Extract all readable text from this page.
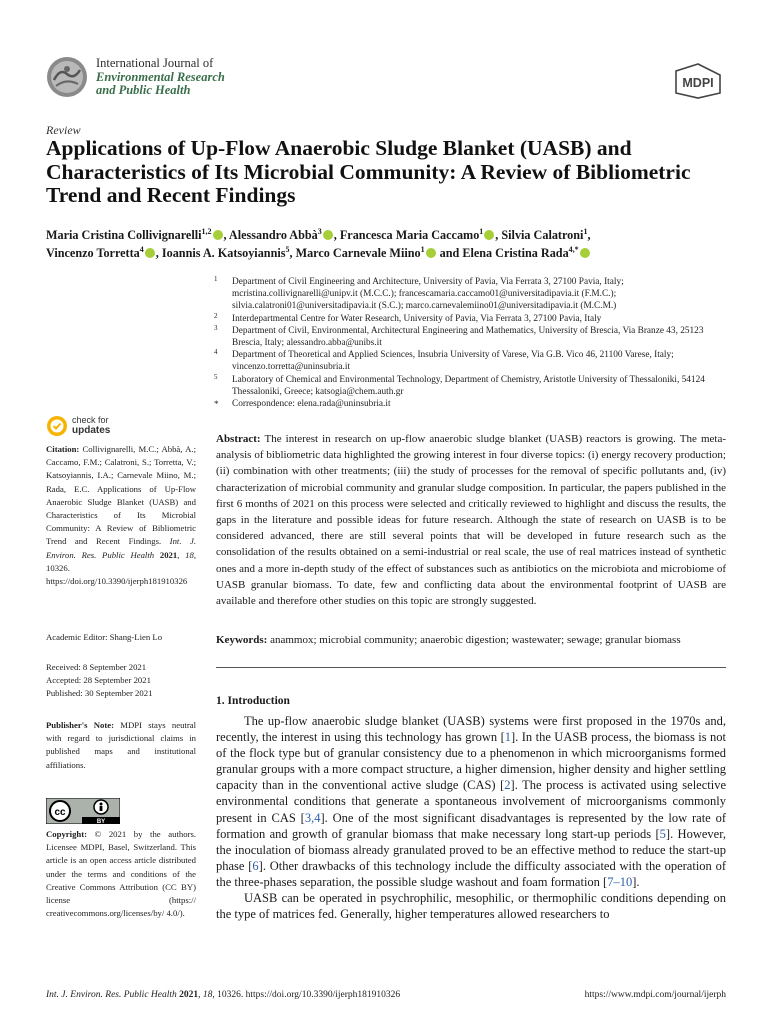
International Journal of
Environmental Research
and Public Health	MDPI
Review
Applications of Up-Flow Anaerobic Sludge Blanket (UASB) and Characteristics of Its Microbial Community: A Review of Bibliometric Trend and Recent Findings
Maria Cristina Collivignarelli$^{1,2}$ , Alessandro Abbà$^3$ , Francesca Maria Caccamo$^1$ , Silvia Calatroni$^1$,
Vincenzo Torretta$^4$ , Ioannis A. Katsoyiannis$^5$, Marco Carnevale Miino$^1$ and Elena Cristina Rada$^{4,*}$
1 Department of Civil Engineering and Architecture, University of Pavia, Via Ferrata 3, 27100 Pavia, Italy; mcristina.collivignarelli@unipv.it (M.C.C.); francescamaria.caccamo01@universitadipavia.it (F.M.C.); silvia.calatroni01@universitadipavia.it (S.C.); marco.carnevalemiino01@universitadipavia.it (M.C.M.)
2 Interdepartmental Centre for Water Research, University of Pavia, Via Ferrata 3, 27100 Pavia, Italy
3 Department of Civil, Environmental, Architectural Engineering and Mathematics, University of Brescia, Via Branze 43, 25123 Brescia, Italy; alessandro.abba@unibs.it
4 Department of Theoretical and Applied Sciences, Insubria University of Varese, Via G.B. Vico 46, 21100 Varese, Italy; vincenzo.torretta@uninsubria.it
5 Laboratory of Chemical and Environmental Technology, Department of Chemistry, Aristotle University of Thessaloniki, 54124 Thessaloniki, Greece; katsogia@chem.auth.gr
* Correspondence: elena.rada@uninsubria.it
check for
updates
Citation: Collivignarelli, M.C.; Abbà, A.; Caccamo, F.M.; Calatroni, S.; Torretta, V.; Katsoyiannis, I.A.; Carnevale Miino, M.; Rada, E.C. Applications of Up-Flow Anaerobic Sludge Blanket (UASB) and Characteristics of Its Microbial Community: A Review of Bibliometric Trend and Recent Findings. Int. J. Environ. Res. Public Health 2021, 18, 10326. https://doi.org/10.3390/ijerph181910326
Academic Editor: Shang-Lien Lo
Received: 8 September 2021
Accepted: 28 September 2021
Published: 30 September 2021
Publisher's Note: MDPI stays neutral with regard to jurisdictional claims in published maps and institutional affiliations.
cc
BY
Copyright: © 2021 by the authors. Licensee MDPI, Basel, Switzerland. This article is an open access article distributed under the terms and conditions of the Creative Commons Attribution (CC BY) license (https:// creativecommons.org/licenses/by/ 4.0/).
Abstract: The interest in research on up-flow anaerobic sludge blanket (UASB) reactors is growing. The meta-analysis of bibliometric data highlighted the growing interest in four diverse topics: (i) energy recovery production; (ii) combination with other treatments; (iii) the study of processes for the removal of specific pollutants and, (iv) characterization of microbial community and granular sludge composition. In particular, the papers published in the first 6 months of 2021 on this process were selected and critically reviewed to highlight and discuss the results, the gaps in the literature and possible ideas for future research. Although the state of research on UASB is to be considered advanced, there are still several points that will be developed in future research such as the consolidation of the results obtained on a semi-industrial or real scale, the use of real matrices instead of synthetic ones and a more in-depth study of the effect of substances such as antibiotics on the microbiota and microbiome of UASB granular biomass. To date, few and conflicting data about the environmental footprint of UASB are available and therefore other studies on this topic are strongly suggested.
Keywords: anammox; microbial community; anaerobic digestion; wastewater; sewage; granular biomass
1. Introduction

The up-flow anaerobic sludge blanket (UASB) systems were first proposed in the 1970s and, recently, the interest in using this technology has grown [1]. In the UASB process, the biomass is not of the flock type but of granular consistency due to a phenomenon in which microorganisms formed granular groups with a more compact structure, a higher dimension, higher density and higher settling capacity than in the conventional active sludge (CAS) [2]. The process is activated using selective environmental conditions that generate a spontaneous involvement of microorganisms commonly present in CAS [3,4]. One of the most significant disadvantages is represented by the low rate of formation and growth of granular biomass that make necessary long start-up periods [5]. However, the inoculation of biomass already granulated proved to be an effective method to reduce the start-up phase [6]. Other drawbacks of this technology include the difficulty associated with the operation of the three-phases separation, the possible sludge washout and foam formation [7–10].

UASB can be operated in psychrophilic, mesophilic, or thermophilic conditions depending on the type of matrices fed. Generally, higher temperatures allowed researchers to

Int. J. Environ. Res. Public Health 2021, 18, 10326. https://doi.org/10.3390/ijerph181910326	https://www.mdpi.com/journal/ijerph
